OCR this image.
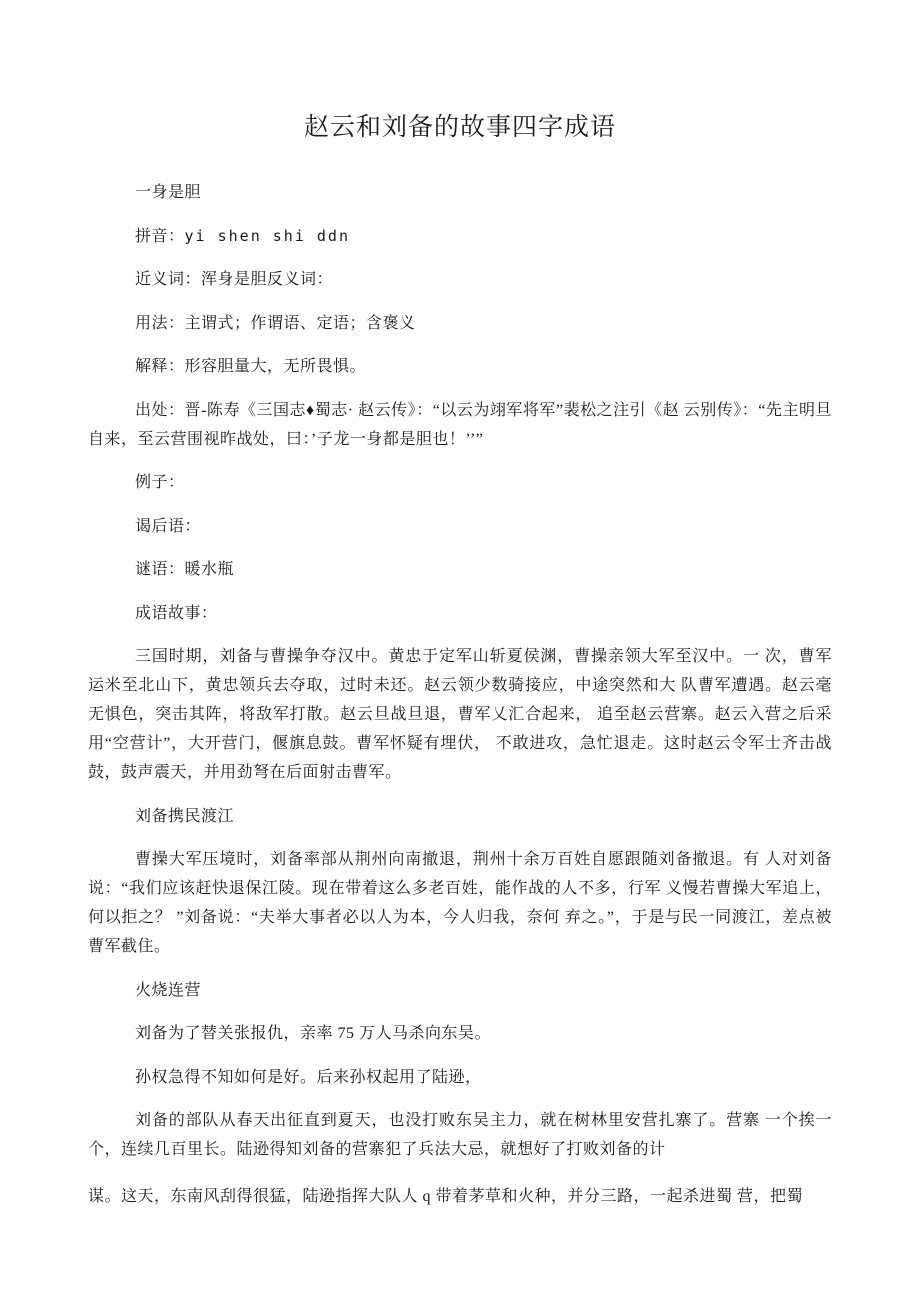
赵云和刘备的故事四字成语

一身是胆

拼音：yi shen shi ddn

近义词：浑身是胆反义词：

用法：主谓式；作谓语、定语；含褒义

解释：形容胆量大，无所畏惧。

出处：晋-陈寿《三国志♦蜀志· 赵云传》：“以云为翊军将军”裴松之注引《赵 云别传》：“先主明旦自来，至云营围视昨战处，曰：’子龙一身都是胆也！’’”

例子：

谒后语：

谜语：暖水瓶

成语故事：

三国时期，刘备与曹操争夺汉中。黄忠于定军山斩夏侯渊，曹操亲领大军至汉中。一 次，曹军运米至北山下，黄忠领兵去夺取，过时未还。赵云领少数骑接应，中途突然和大 队曹军遭遇。赵云毫无惧色，突击其阵，将敌军打散。赵云旦战旦退，曹军乂汇合起来， 追至赵云营寨。赵云入营之后采用“空营计”，大开营门，偃旗息鼓。曹军怀疑有埋伏， 不敢进攻，急忙退走。这时赵云令军士齐击战鼓，鼓声震天，并用劲弩在后面射击曹军。

刘备携民渡江

曹操大军压境时，刘备率部从荆州向南撤退，荆州十余万百姓自愿跟随刘备撤退。有 人对刘备说：“我们应该赶快退保江陵。现在带着这么多老百姓，能作战的人不多，行军 义慢若曹操大军追上，何以拒之？ ”刘备说：“夫举大事者必以人为本，今人归我，奈何 弃之。”，于是与民一同渡江，差点被曹军截住。

火烧连营

刘备为了替关张报仇，亲率 75 万人马杀向东吴。

孙权急得不知如何是好。后来孙权起用了陆逊，

刘备的部队从春天出征直到夏天，也没打败东吴主力，就在树林里安营扎寨了。营寨 一个挨一个，连续几百里长。陆逊得知刘备的营寨犯了兵法大忌，就想好了打败刘备的计

谋。这天，东南风刮得很猛，陆逊指挥大队人 q 带着茅草和火种，并分三路，一起杀进蜀 营，把蜀
